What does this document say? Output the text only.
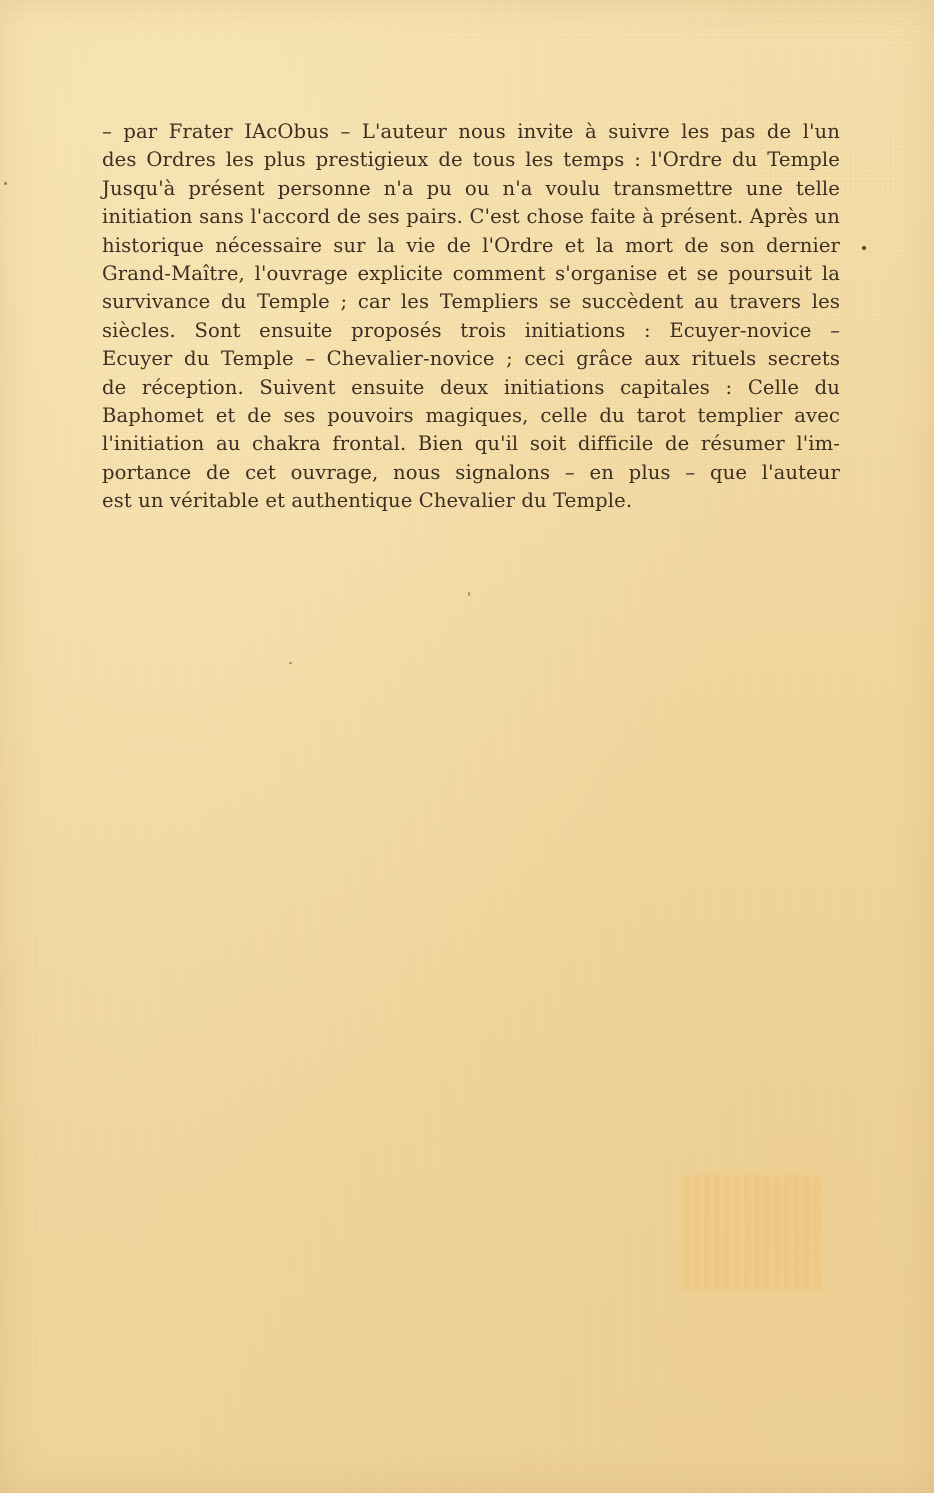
– par Frater IAcObus – L'auteur nous invite à suivre les pas de l'un
des Ordres les plus prestigieux de tous les temps : l'Ordre du Temple
Jusqu'à présent personne n'a pu ou n'a voulu transmettre une telle
initiation sans l'accord de ses pairs. C'est chose faite à présent. Après un
historique nécessaire sur la vie de l'Ordre et la mort de son dernier
Grand-Maître, l'ouvrage explicite comment s'organise et se poursuit la
survivance du Temple ; car les Templiers se succèdent au travers les
siècles. Sont ensuite proposés trois initiations : Ecuyer-novice –
Ecuyer du Temple – Chevalier-novice ; ceci grâce aux rituels secrets
de réception. Suivent ensuite deux initiations capitales : Celle du
Baphomet et de ses pouvoirs magiques, celle du tarot templier avec
l'initiation au chakra frontal. Bien qu'il soit difficile de résumer l'im-
portance de cet ouvrage, nous signalons – en plus – que l'auteur
est un véritable et authentique Chevalier du Temple.
